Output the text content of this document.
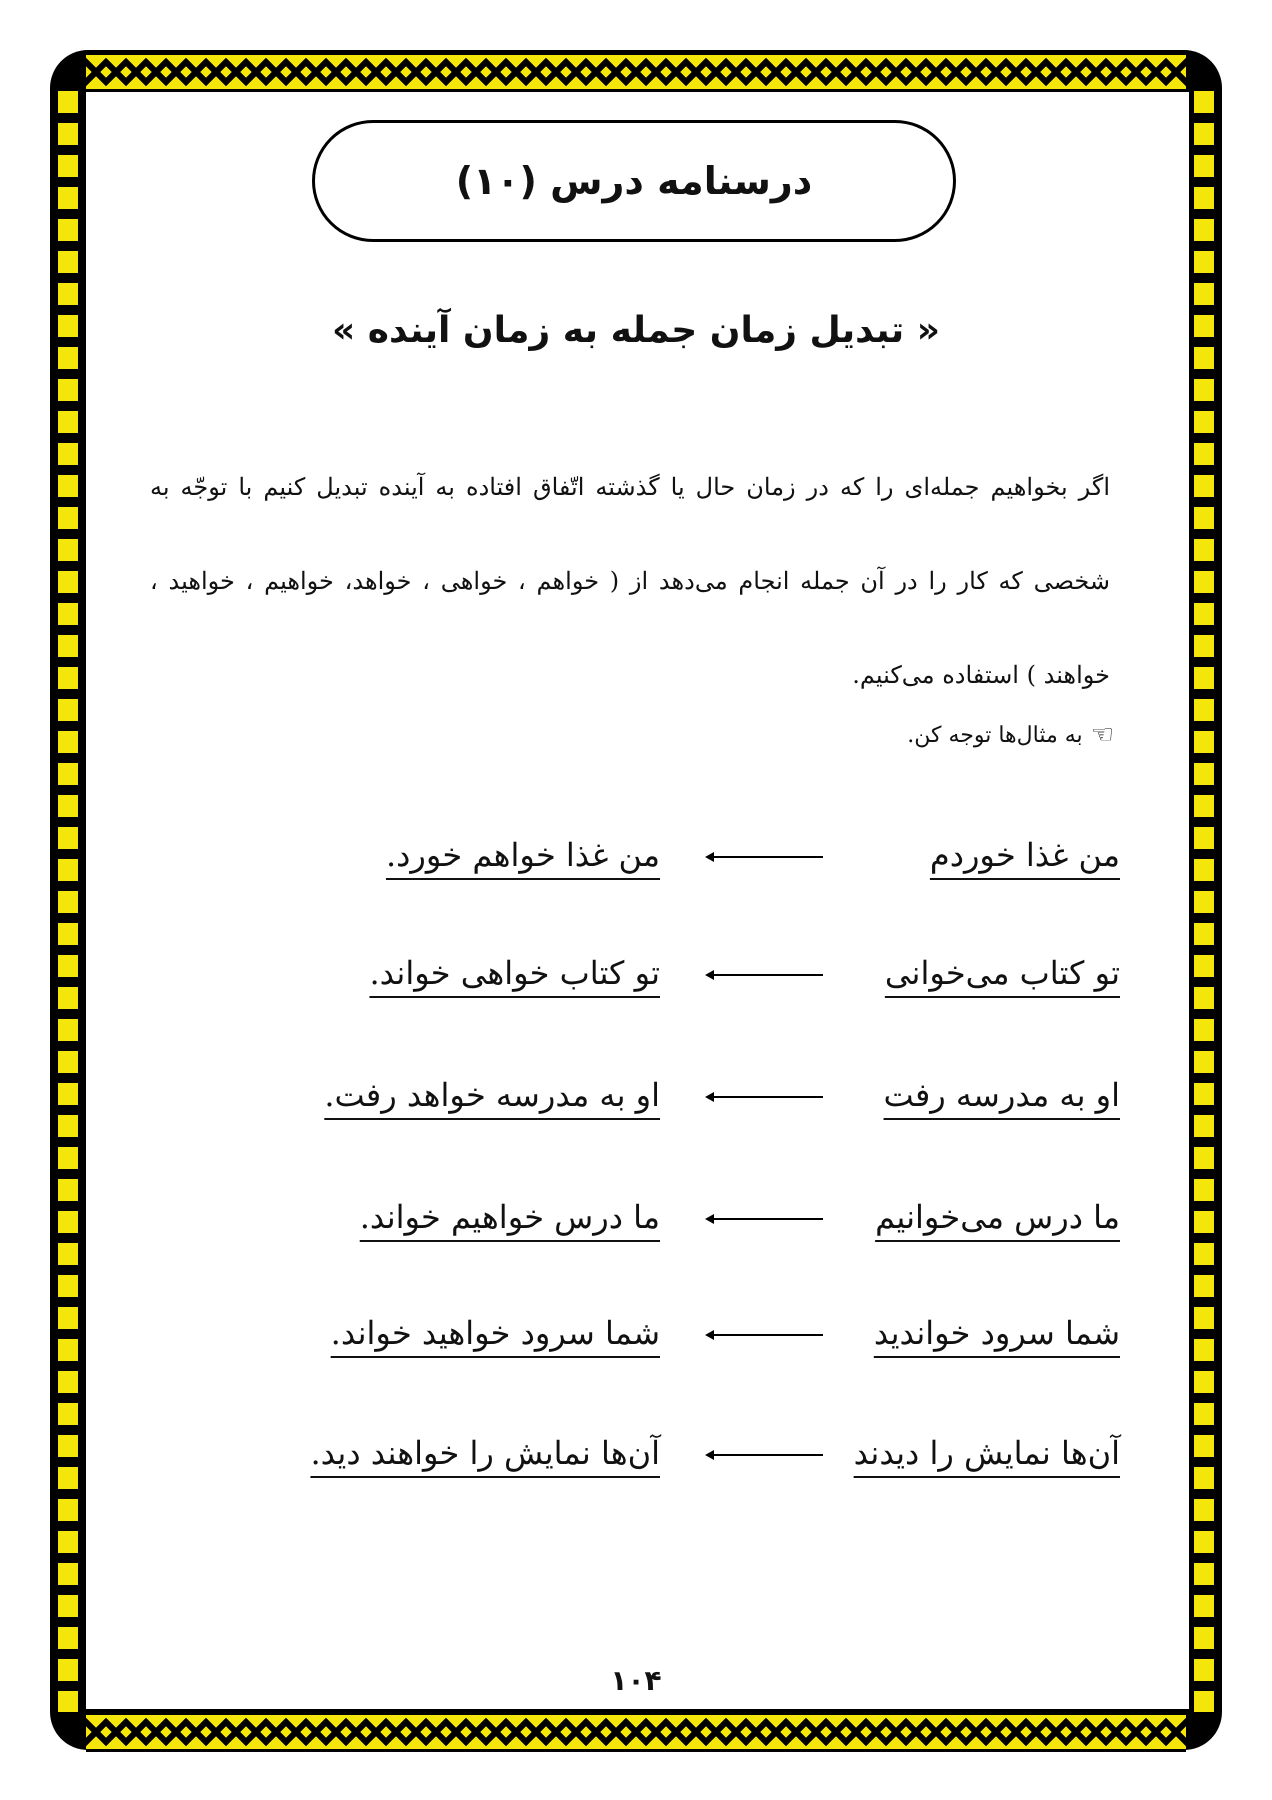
درسنامه درس (۱۰)
« تبدیل زمان جمله به زمان آینده »
اگر بخواهیم جمله‌ای را که در زمان حال یا گذشته اتّفاق افتاده به آینده تبدیل کنیم با توجّه به شخصی که کار را در آن جمله انجام می‌دهد از ( خواهم ، خواهی ، خواهد، خواهیم ، خواهید ، خواهند ) استفاده می‌کنیم.
☜
به مثال‌ها توجه کن.
من غذا خوردم
من غذا خواهم خورد.
تو کتاب می‌خوانی
تو کتاب خواهی خواند.
او به مدرسه رفت
او به مدرسه خواهد رفت.
ما درس می‌خوانیم
ما درس خواهیم خواند.
شما سرود خواندید
شما سرود خواهید خواند.
آن‌ها نمایش را دیدند
آن‌ها نمایش را خواهند دید.
۱۰۴
